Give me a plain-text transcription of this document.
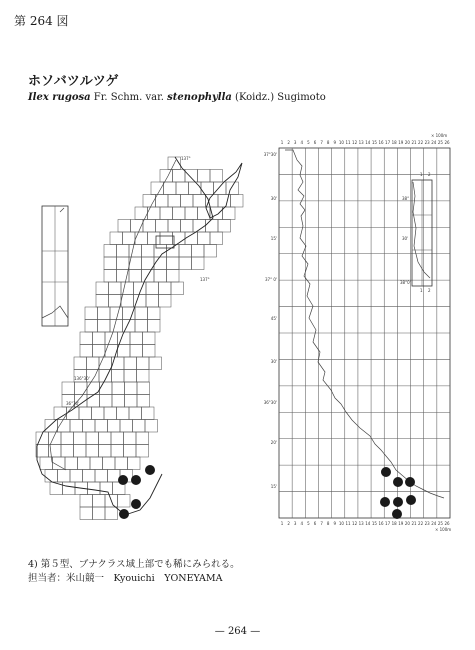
第 264 図
ホソバツルツゲ
Ilex rugosa Fr. Schm. var. stenophylla (Koidz.) Sugimoto
137°
136°30'
137°
36°30'
1
1
2
2
3
3
4
4
5
5
6
6
7
7
8
8
9
9
10
10
11
11
12
12
13
13
14
14
15
15
16
16
17
17
18
18
19
19
20
20
21
21
22
22
23
23
24
24
25
25
26
26
× 100m
× 100m
37°30'
30'
15'
37° 0'
45'
30'
36°30'
20'
15'
1 2
1 2
38°
30'
38°0'
4) 第５型、ブナクラス域上部でも稀にみられる。
担当者：米山競一　Kyouichi　YONEYAMA
— 264 —
